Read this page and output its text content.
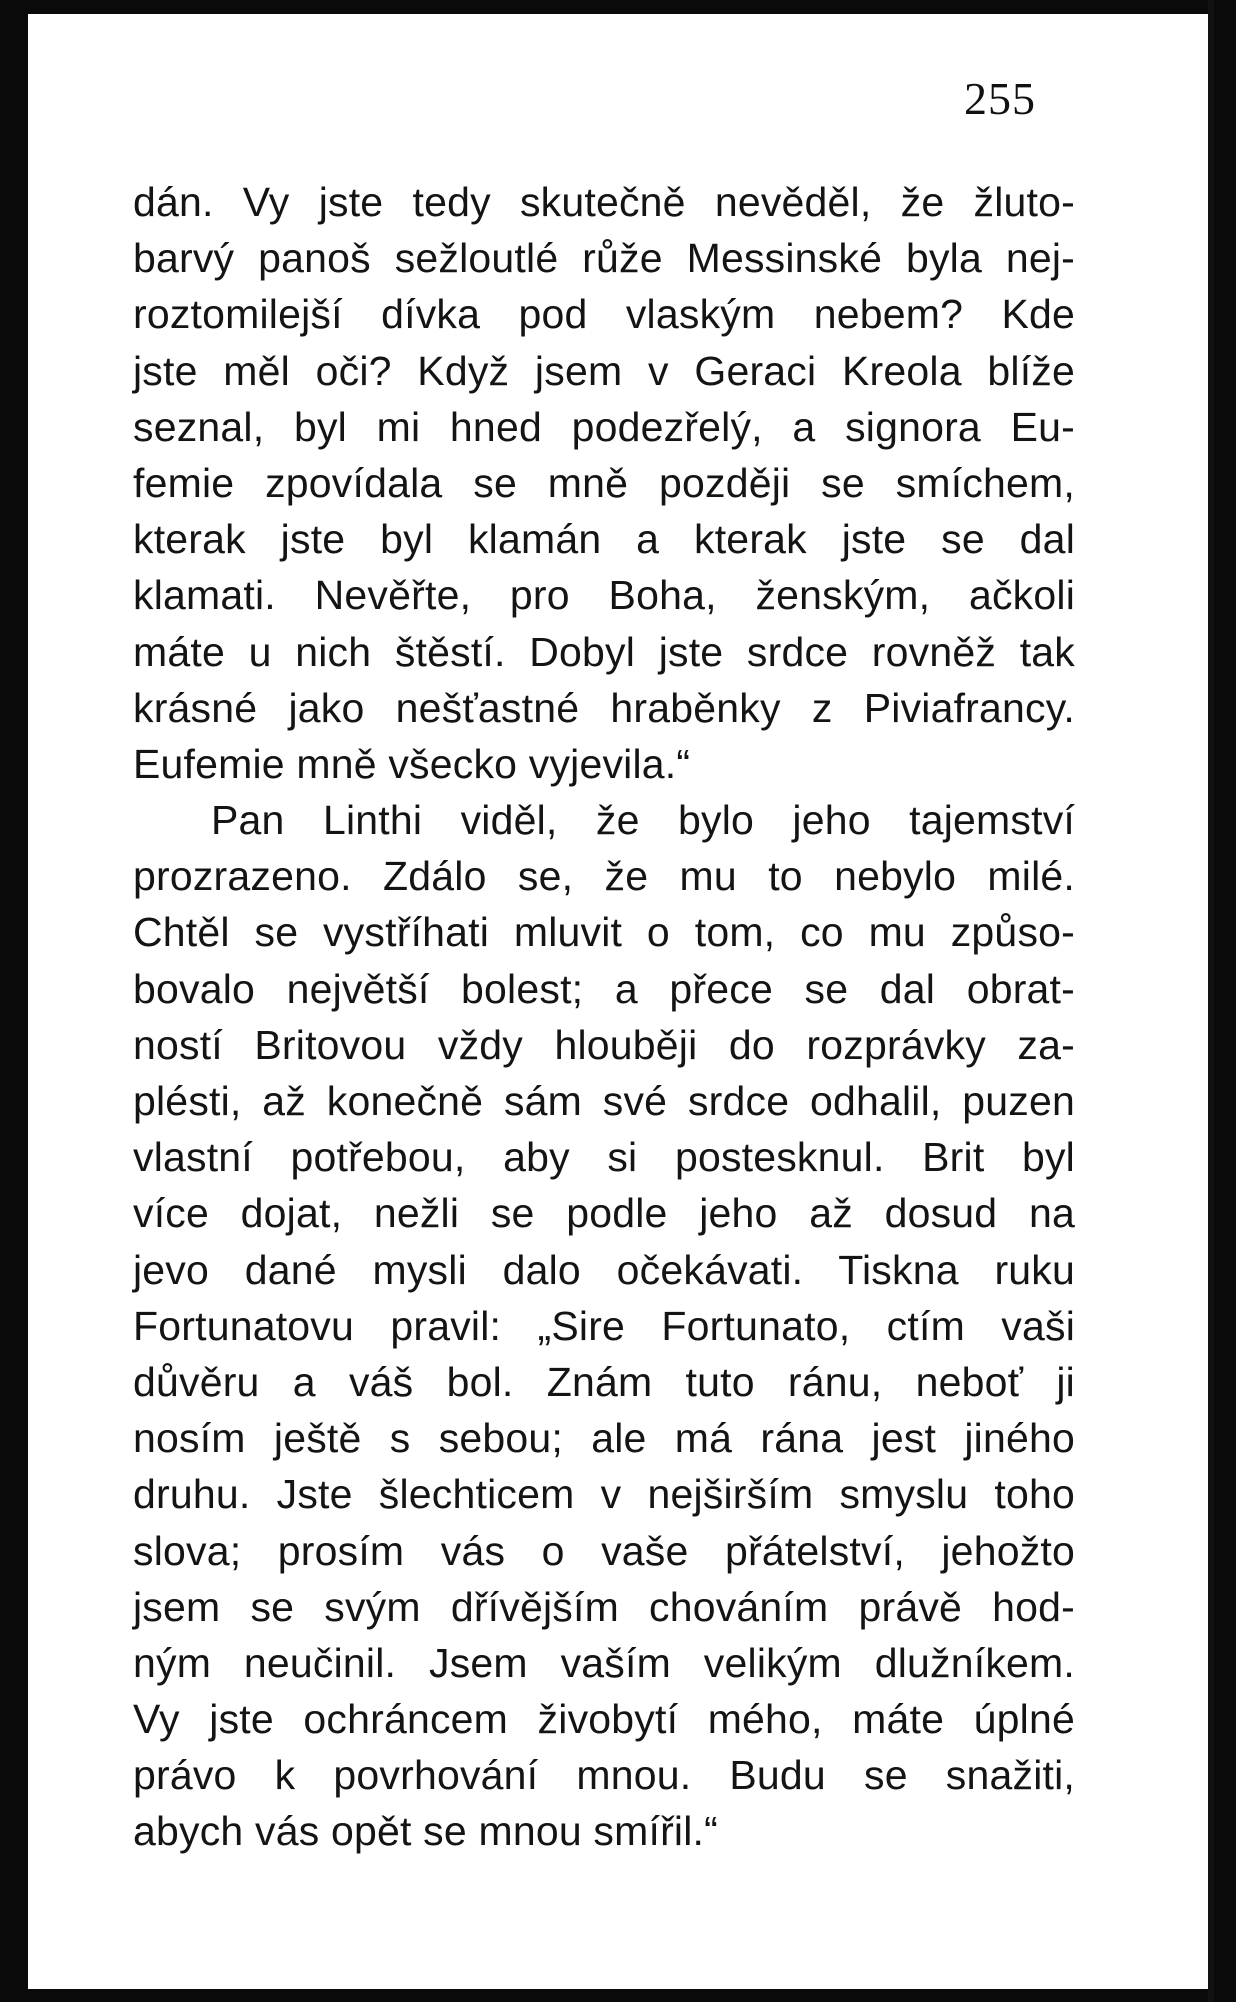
255
dán. Vy jste tedy skutečně nevěděl, že žluto-
barvý panoš sežloutlé růže Messinské byla nej-
roztomilejší dívka pod vlaským nebem? Kde
jste měl oči? Když jsem v Geraci Kreola blíže
seznal, byl mi hned podezřelý, a signora Eu-
femie zpovídala se mně později se smíchem,
kterak jste byl klamán a kterak jste se dal
klamati. Nevěřte, pro Boha, ženským, ačkoli
máte u nich štěstí. Dobyl jste srdce rovněž tak
krásné jako nešťastné hraběnky z Piviafrancy.
Eufemie mně všecko vyjevila.“
Pan Linthi viděl, že bylo jeho tajemství
prozrazeno. Zdálo se, že mu to nebylo milé.
Chtěl se vystříhati mluvit o tom, co mu způso-
bovalo největší bolest; a přece se dal obrat-
ností Britovou vždy hlouběji do rozprávky za-
plésti, až konečně sám své srdce odhalil, puzen
vlastní potřebou, aby si postesknul. Brit byl
více dojat, nežli se podle jeho až dosud na
jevo dané mysli dalo očekávati. Tiskna ruku
Fortunatovu pravil: „Sire Fortunato, ctím vaši
důvěru a váš bol. Znám tuto ránu, neboť ji
nosím ještě s sebou; ale má rána jest jiného
druhu. Jste šlechticem v nejširším smyslu toho
slova; prosím vás o vaše přátelství, jehožto
jsem se svým dřívějším chováním právě hod-
ným neučinil. Jsem vaším velikým dlužníkem.
Vy jste ochráncem živobytí mého, máte úplné
právo k povrhování mnou. Budu se snažiti,
abych vás opět se mnou smířil.“
